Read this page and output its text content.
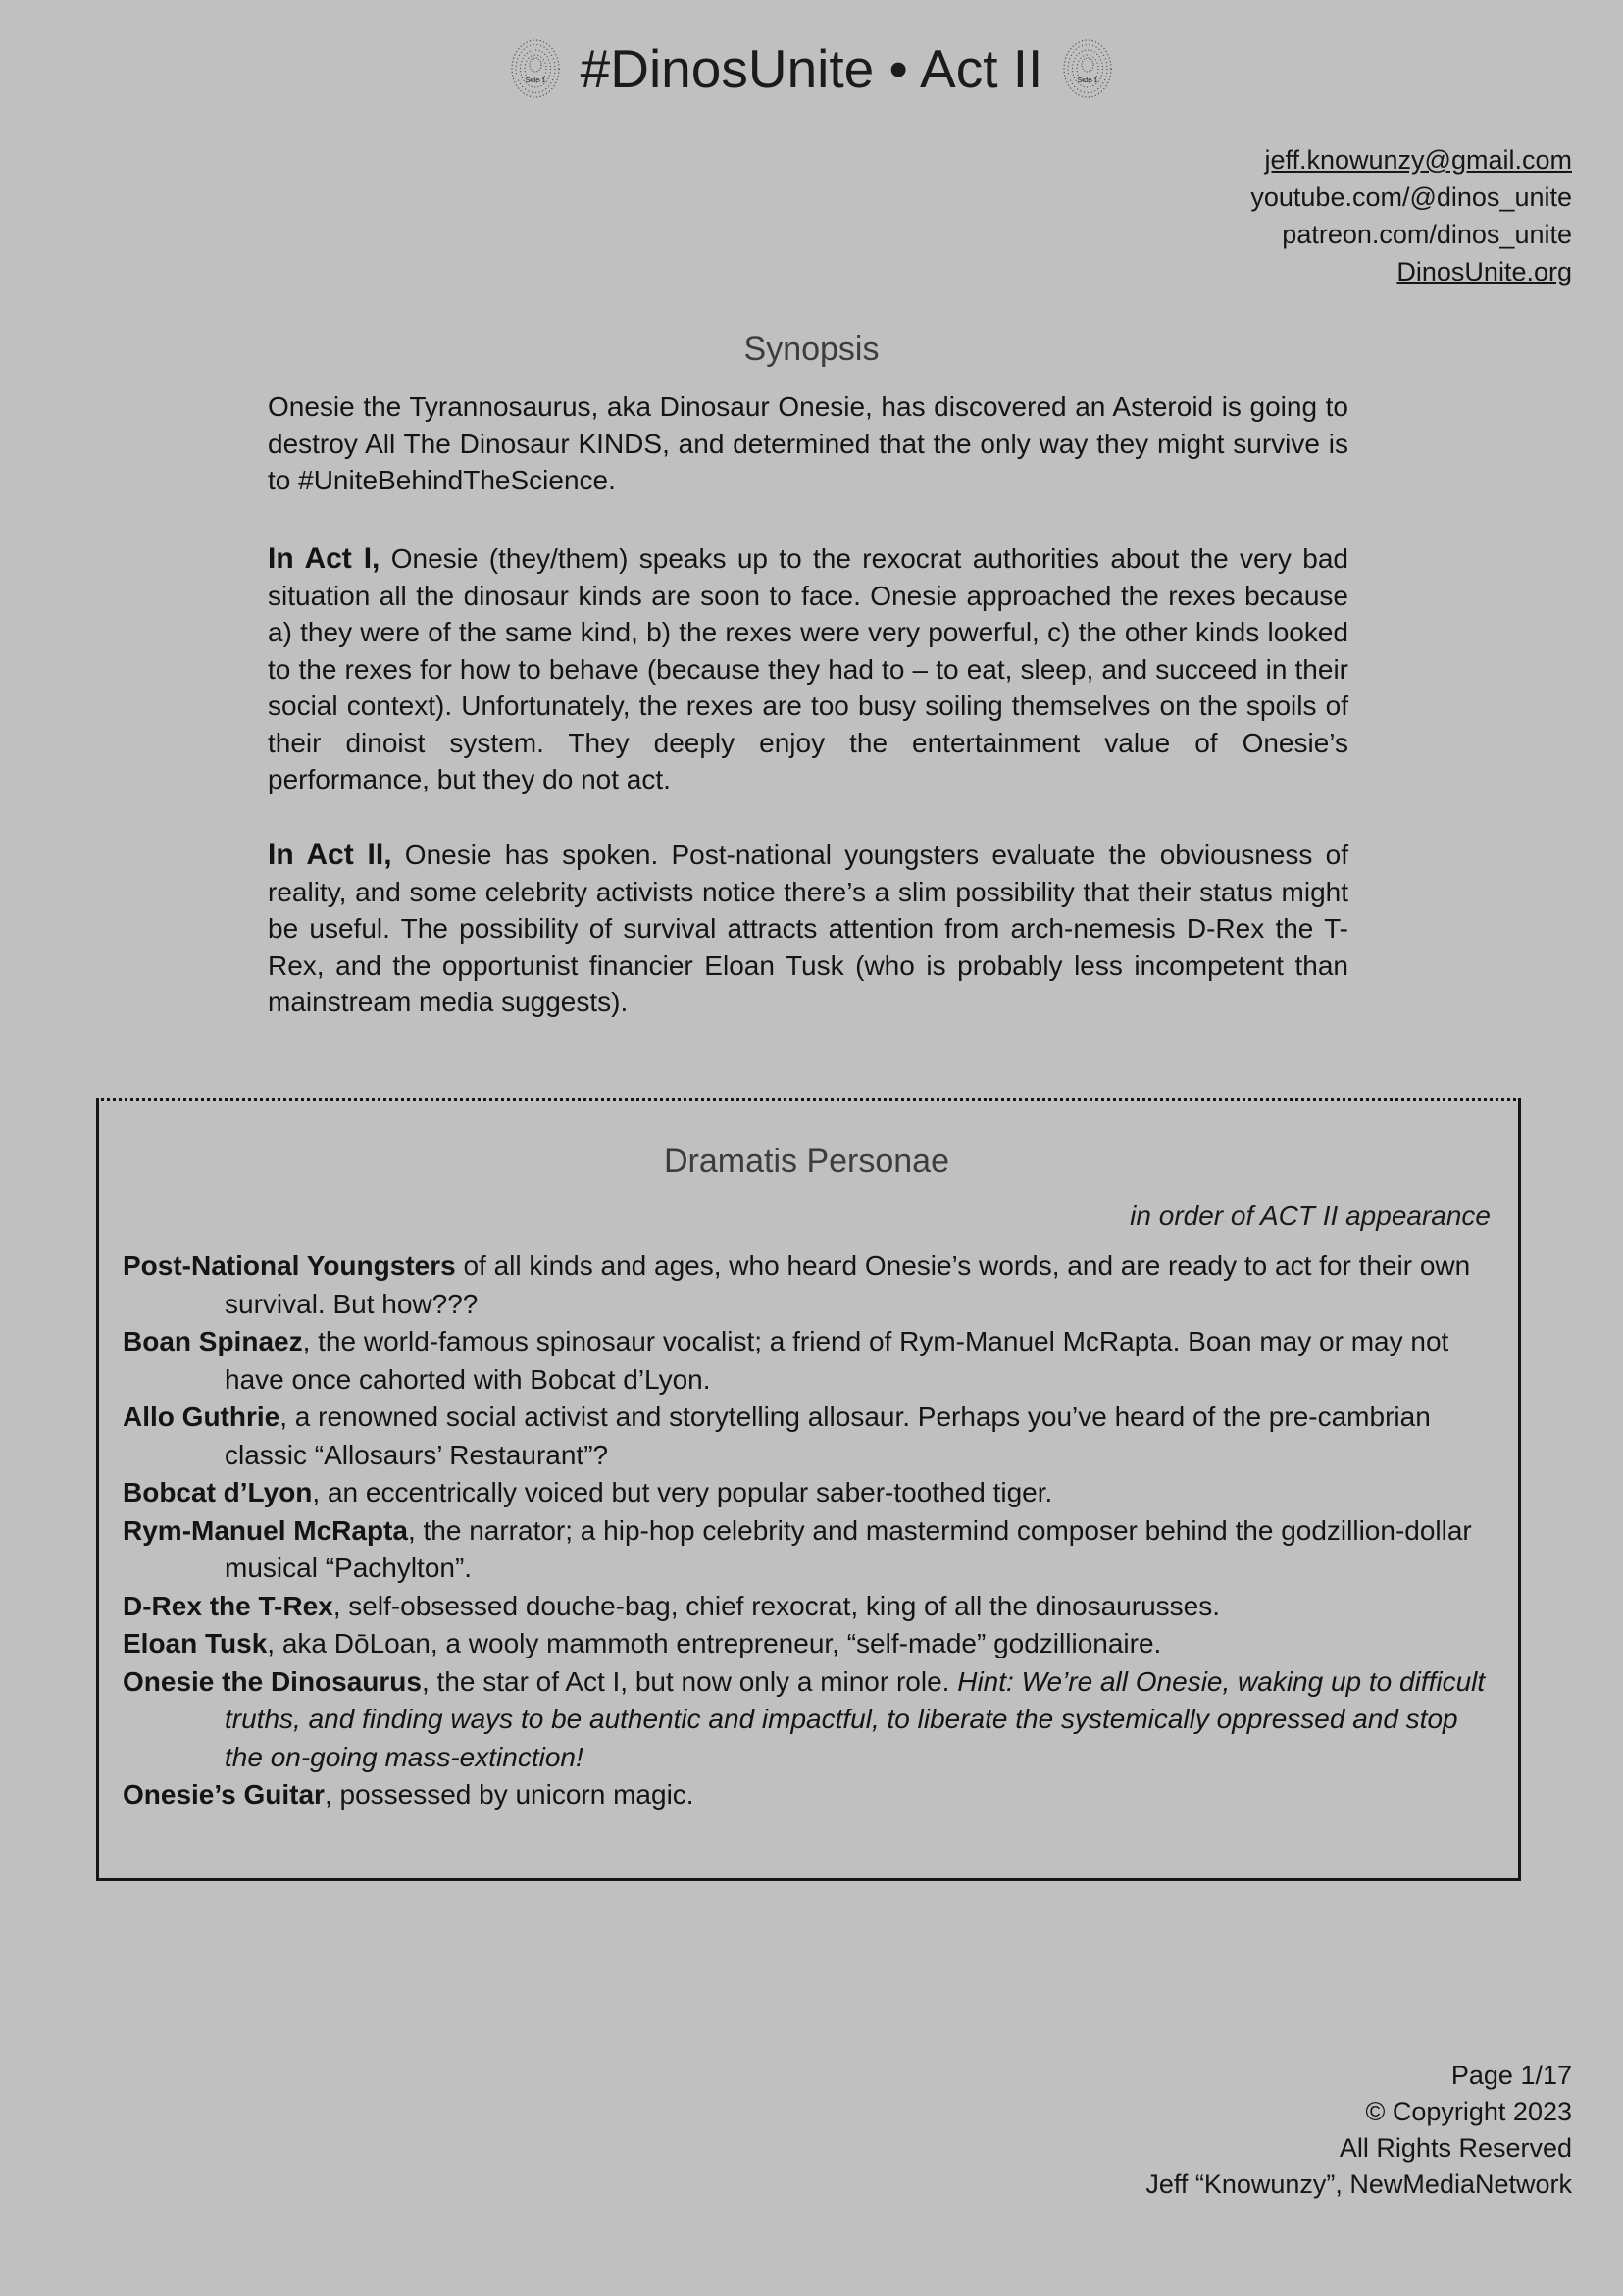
Side 1 #DinosUnite • Act II	Side 1
jeff.knowunzy@gmail.com
youtube.com/@dinos_unite
patreon.com/dinos_unite
DinosUnite.org
Synopsis

Onesie the Tyrannosaurus, aka Dinosaur Onesie, has discovered an Asteroid is going to destroy All The Dinosaur KINDS, and determined that the only way they might survive is to #UniteBehindTheScience.

In Act I, Onesie (they/them) speaks up to the rexocrat authorities about the very bad situation all the dinosaur kinds are soon to face. Onesie approached the rexes because a) they were of the same kind, b) the rexes were very powerful, c) the other kinds looked to the rexes for how to behave (because they had to – to eat, sleep, and succeed in their social context). Unfortunately, the rexes are too busy soiling themselves on the spoils of their dinoist system. They deeply enjoy the entertainment value of Onesie’s performance, but they do not act.

In Act II, Onesie has spoken. Post-national youngsters evaluate the obviousness of reality, and some celebrity activists notice there’s a slim possibility that their status might be useful. The possibility of survival attracts attention from arch-nemesis D-Rex the T-Rex, and the opportunist financier Eloan Tusk (who is probably less incompetent than mainstream media suggests).

Dramatis Personae
in order of ACT II appearance
Post-National Youngsters of all kinds and ages, who heard Onesie’s words, and are ready to act for their own survival. But how???
Boan Spinaez, the world-famous spinosaur vocalist; a friend of Rym-Manuel McRapta. Boan may or may not have once cahorted with Bobcat d’Lyon.
Allo Guthrie, a renowned social activist and storytelling allosaur. Perhaps you’ve heard of the pre-cambrian classic “Allosaurs’ Restaurant”?
Bobcat d’Lyon, an eccentrically voiced but very popular saber-toothed tiger.
Rym-Manuel McRapta, the narrator; a hip-hop celebrity and mastermind composer behind the godzillion-dollar musical “Pachylton”.
D-Rex the T-Rex, self-obsessed douche-bag, chief rexocrat, king of all the dinosaurusses.
Eloan Tusk, aka DōLoan, a wooly mammoth entrepreneur, “self-made” godzillionaire.
Onesie the Dinosaurus, the star of Act I, but now only a minor role. Hint: We’re all Onesie, waking up to difficult truths, and finding ways to be authentic and impactful, to liberate the systemically oppressed and stop the on-going mass-extinction!
Onesie’s Guitar, possessed by unicorn magic.
Page 1/17
© Copyright 2023
All Rights Reserved
Jeff “Knowunzy”, NewMediaNetwork
